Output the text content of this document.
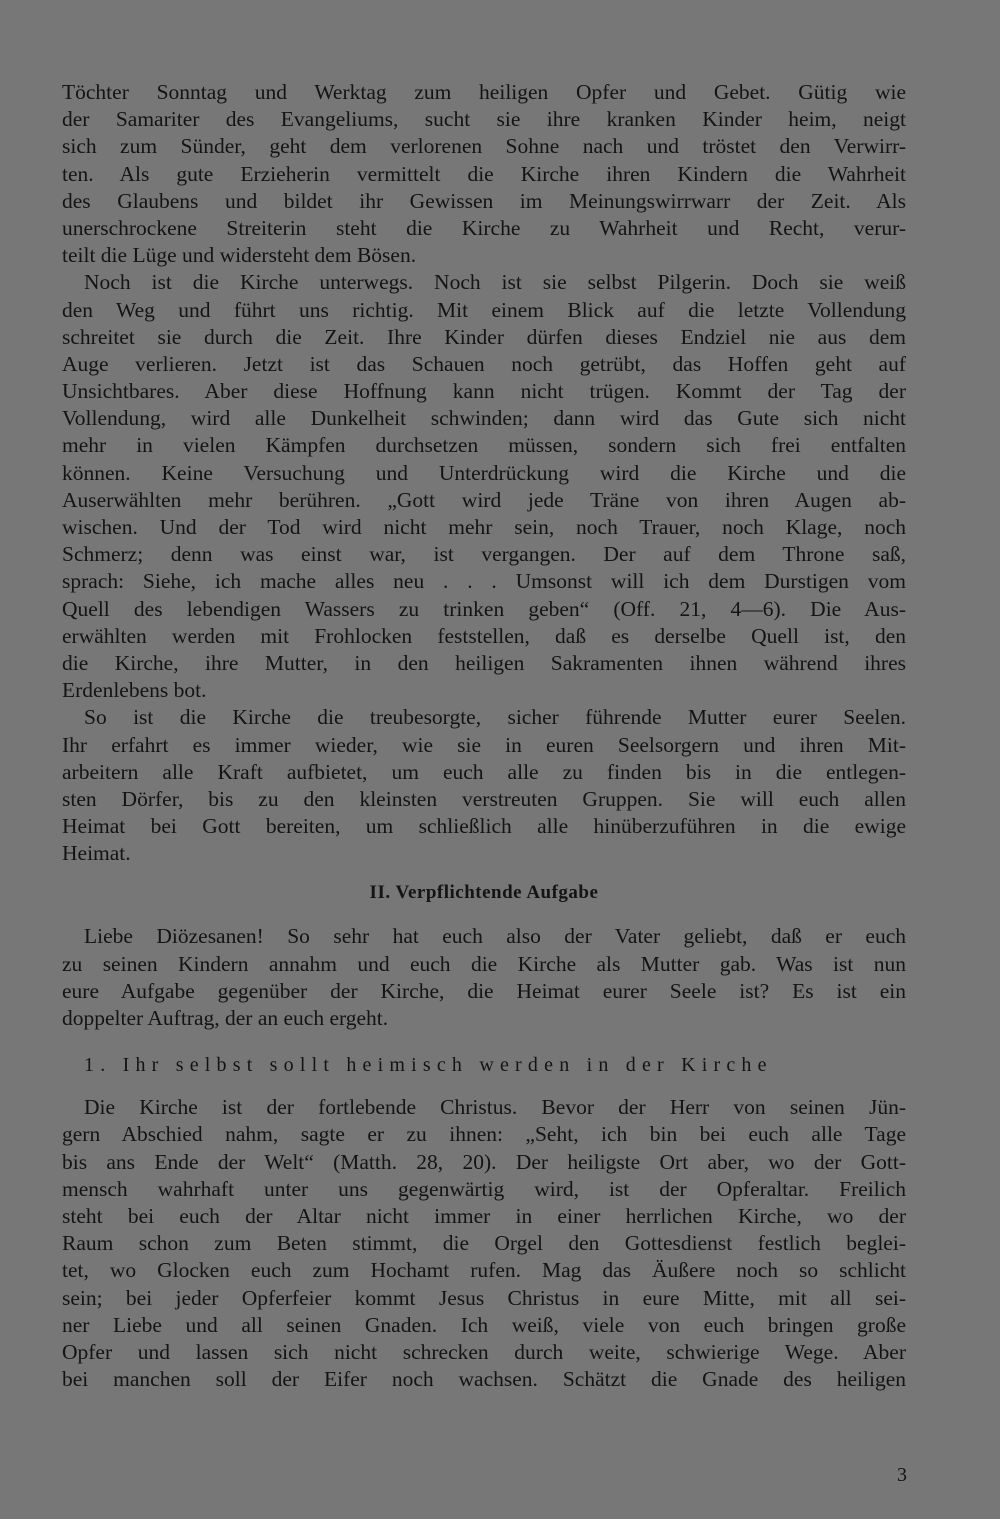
Töchter Sonntag und Werktag zum heiligen Opfer und Gebet. Gütig wie
der Samariter des Evangeliums, sucht sie ihre kranken Kinder heim, neigt
sich zum Sünder, geht dem verlorenen Sohne nach und tröstet den Verwirr-
ten. Als gute Erzieherin vermittelt die Kirche ihren Kindern die Wahrheit
des Glaubens und bildet ihr Gewissen im Meinungswirrwarr der Zeit. Als
unerschrockene Streiterin steht die Kirche zu Wahrheit und Recht, verur-
teilt die Lüge und widersteht dem Bösen.

Noch ist die Kirche unterwegs. Noch ist sie selbst Pilgerin. Doch sie weiß
den Weg und führt uns richtig. Mit einem Blick auf die letzte Vollendung
schreitet sie durch die Zeit. Ihre Kinder dürfen dieses Endziel nie aus dem
Auge verlieren. Jetzt ist das Schauen noch getrübt, das Hoffen geht auf
Unsichtbares. Aber diese Hoffnung kann nicht trügen. Kommt der Tag der
Vollendung, wird alle Dunkelheit schwinden; dann wird das Gute sich nicht
mehr in vielen Kämpfen durchsetzen müssen, sondern sich frei entfalten
können. Keine Versuchung und Unterdrückung wird die Kirche und die
Auserwählten mehr berühren. „Gott wird jede Träne von ihren Augen ab-
wischen. Und der Tod wird nicht mehr sein, noch Trauer, noch Klage, noch
Schmerz; denn was einst war, ist vergangen. Der auf dem Throne saß,
sprach: Siehe, ich mache alles neu . . . Umsonst will ich dem Durstigen vom
Quell des lebendigen Wassers zu trinken geben“ (Off. 21, 4—6). Die Aus-
erwählten werden mit Frohlocken feststellen, daß es derselbe Quell ist, den
die Kirche, ihre Mutter, in den heiligen Sakramenten ihnen während ihres
Erdenlebens bot.

So ist die Kirche die treubesorgte, sicher führende Mutter eurer Seelen.
Ihr erfahrt es immer wieder, wie sie in euren Seelsorgern und ihren Mit-
arbeitern alle Kraft aufbietet, um euch alle zu finden bis in die entlegen-
sten Dörfer, bis zu den kleinsten verstreuten Gruppen. Sie will euch allen
Heimat bei Gott bereiten, um schließlich alle hinüberzuführen in die ewige
Heimat.

II. Verpflichtende Aufgabe

Liebe Diözesanen! So sehr hat euch also der Vater geliebt, daß er euch
zu seinen Kindern annahm und euch die Kirche als Mutter gab. Was ist nun
eure Aufgabe gegenüber der Kirche, die Heimat eurer Seele ist? Es ist ein
doppelter Auftrag, der an euch ergeht.

1. Ihr selbst sollt heimisch werden in der Kirche

Die Kirche ist der fortlebende Christus. Bevor der Herr von seinen Jün-
gern Abschied nahm, sagte er zu ihnen: „Seht, ich bin bei euch alle Tage
bis ans Ende der Welt“ (Matth. 28, 20). Der heiligste Ort aber, wo der Gott-
mensch wahrhaft unter uns gegenwärtig wird, ist der Opferaltar. Freilich
steht bei euch der Altar nicht immer in einer herrlichen Kirche, wo der
Raum schon zum Beten stimmt, die Orgel den Gottesdienst festlich beglei-
tet, wo Glocken euch zum Hochamt rufen. Mag das Äußere noch so schlicht
sein; bei jeder Opferfeier kommt Jesus Christus in eure Mitte, mit all sei-
ner Liebe und all seinen Gnaden. Ich weiß, viele von euch bringen große
Opfer und lassen sich nicht schrecken durch weite, schwierige Wege. Aber
bei manchen soll der Eifer noch wachsen. Schätzt die Gnade des heiligen

3
